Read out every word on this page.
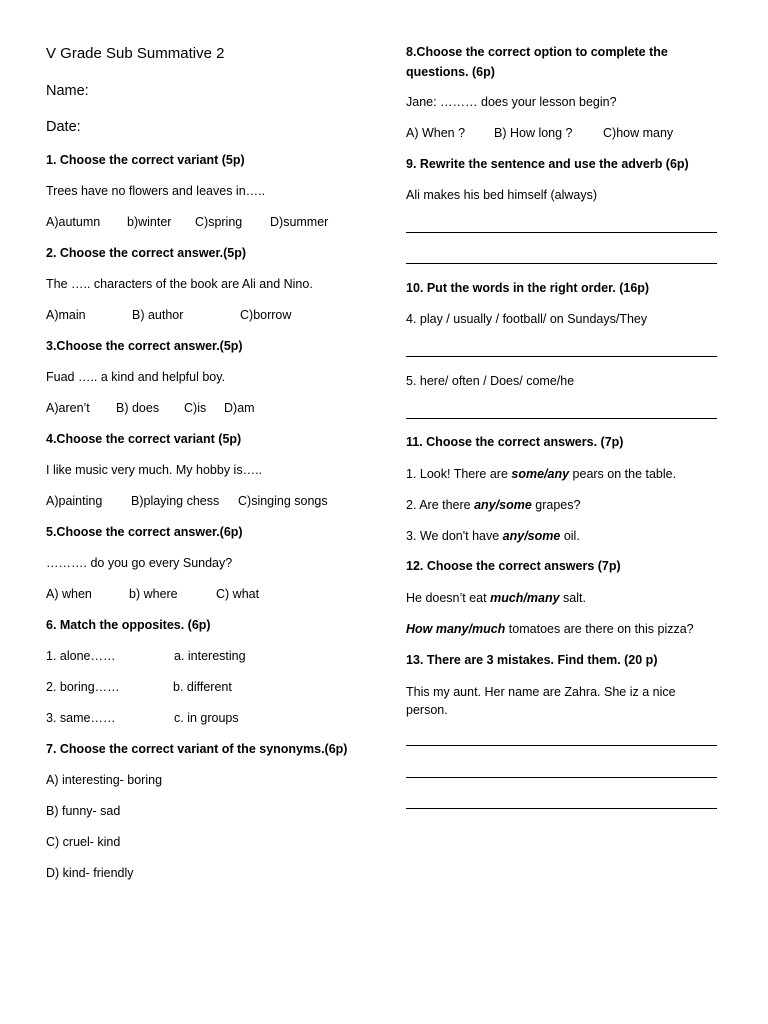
V Grade Sub Summative 2
Name:
Date:
1. Choose the correct variant (5p)
Trees have no flowers and leaves in…..
A)autumn b)winter C)spring D)summer
2. Choose the correct answer.(5p)
The ….. characters of the book are Ali and Nino.
A)main	B) author	C)borrow
3.Choose the correct answer.(5p)
Fuad ….. a kind and helpful boy.
A)aren’t B) does C)is D)am
4.Choose the correct variant (5p)
I like music very much. My hobby is…..
A)painting B)playing chess C)singing songs
5.Choose the correct answer.(6p)
………. do you go every Sunday?
A) when	b) where	C) what
6. Match the opposites. (6p)
1. alone……	a. interesting
2. boring……	b. different
3. same……	c. in groups
7. Choose the correct variant of the synonyms.(6p)
A) interesting- boring
B) funny- sad
C) cruel- kind
D) kind- friendly
8.Choose the correct option to complete the
questions. (6p)
Jane: ……… does your lesson begin?
A) When ? B) How long ? C)how many
9. Rewrite the sentence and use the adverb (6p)
Ali makes his bed himself (always)
10. Put the words in the right order. (16p)
4. play / usually / football/ on Sundays/They
5. here/ often / Does/ come/he
11. Choose the correct answers. (7p)
1. Look! There are some/any pears on the table.
2. Are there any/some grapes?
3. We don't have any/some oil.
12. Choose the correct answers (7p)
He doesn’t eat much/many salt.
How many/much tomatoes are there on this pizza?
13. There are 3 mistakes. Find them. (20 p)
This my aunt. Her name are Zahra. She iz a nice person.
